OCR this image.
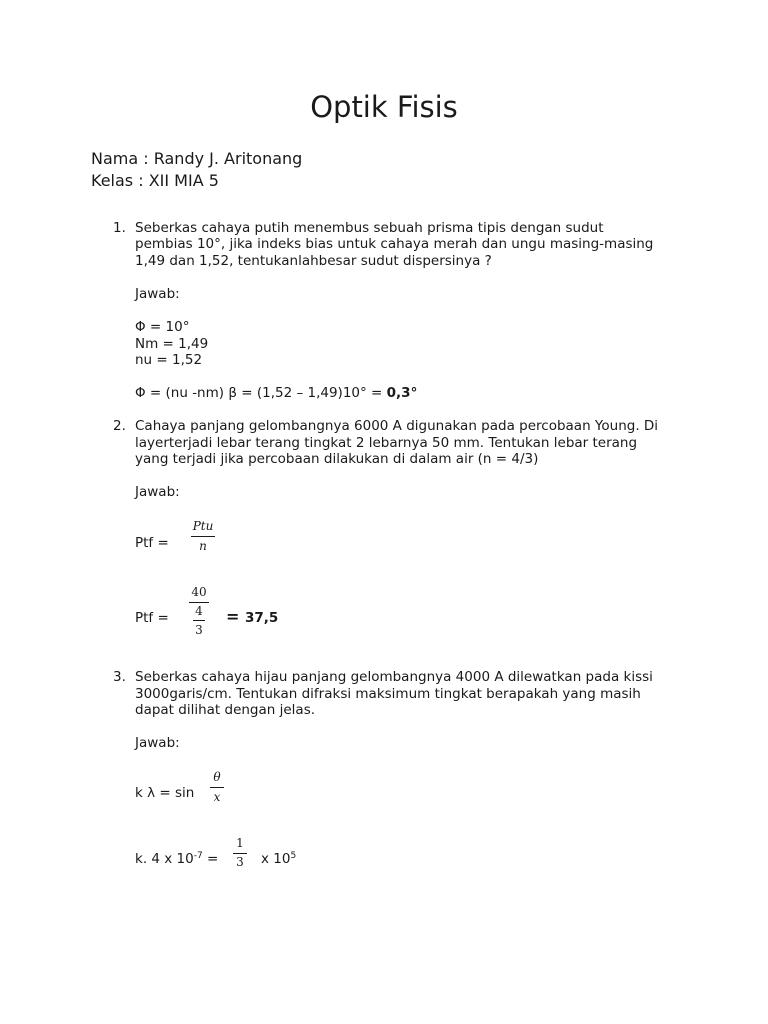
Optik Fisis
Nama : Randy J. Aritonang
Kelas : XII MIA 5
1. Seberkas cahaya putih menembus sebuah prisma tipis dengan sudut
pembias 10°, jika indeks bias untuk cahaya merah dan ungu masing-masing
1,49 dan 1,52, tentukanlahbesar sudut dispersinya ?
Jawab:
Φ = 10°
Nm = 1,49
nu = 1,52
Φ = (nu -nm) β = (1,52 – 1,49)10° = 0,3°
2. Cahaya panjang gelombangnya 6000 A digunakan pada percobaan Young. Di
layerterjadi lebar terang tingkat 2 lebarnya 50 mm. Tentukan lebar terang
yang terjadi jika percobaan dilakukan di dalam air (n = 4/3)
Jawab:
Ptf =
Ptu
n
Ptf =
40
4
3
= 37,5
3. Seberkas cahaya hijau panjang gelombangnya 4000 A dilewatkan pada kissi
3000garis/cm. Tentukan difraksi maksimum tingkat berapakah yang masih
dapat dilihat dengan jelas.
Jawab:
k λ = sin
θ
x
k. 4 x $10^{-7}$ =
1
3 x $10^5$
